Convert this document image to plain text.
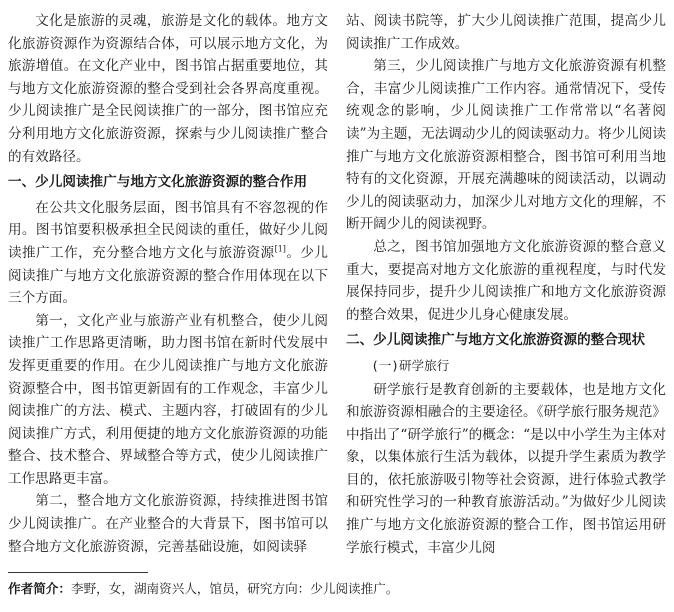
文化是旅游的灵魂，旅游是文化的载体。地方文化旅游资源作为资源结合体，可以展示地方文化，为旅游增值。在文化产业中，图书馆占据重要地位，其与地方文化旅游资源的整合受到社会各界高度重视。少儿阅读推广是全民阅读推广的一部分，图书馆应充分利用地方文化旅游资源，探索与少儿阅读推广整合的有效路径。

一、少儿阅读推广与地方文化旅游资源的整合作用

在公共文化服务层面，图书馆具有不容忽视的作用。图书馆要积极承担全民阅读的重任，做好少儿阅读推广工作，充分整合地方文化与旅游资源[1]。少儿阅读推广与地方文化旅游资源的整合作用体现在以下三个方面。

第一，文化产业与旅游产业有机整合，使少儿阅读推广工作思路更清晰，助力图书馆在新时代发展中发挥更重要的作用。在少儿阅读推广与地方文化旅游资源整合中，图书馆更新固有的工作观念，丰富少儿阅读推广的方法、模式、主题内容，打破固有的少儿阅读推广方式，利用便捷的地方文化旅游资源的功能整合、技术整合、界域整合等方式，使少儿阅读推广工作思路更丰富。

第二，整合地方文化旅游资源，持续推进图书馆少儿阅读推广。在产业整合的大背景下，图书馆可以整合地方文化旅游资源，完善基础设施，如阅读驿

站、阅读书院等，扩大少儿阅读推广范围，提高少儿阅读推广工作成效。

第三，少儿阅读推广与地方文化旅游资源有机整合，丰富少儿阅读推广工作内容。通常情况下，受传统观念的影响，少儿阅读推广工作常常以“名著阅读”为主题，无法调动少儿的阅读驱动力。将少儿阅读推广与地方文化旅游资源相整合，图书馆可利用当地特有的文化资源，开展充满趣味的阅读活动，以调动少儿的阅读驱动力，加深少儿对地方文化的理解，不断开阔少儿的阅读视野。

总之，图书馆加强地方文化旅游资源的整合意义重大，要提高对地方文化旅游的重视程度，与时代发展保持同步，提升少儿阅读推广和地方文化旅游资源的整合效果，促进少儿身心健康发展。

二、少儿阅读推广与地方文化旅游资源的整合现状
(一)研学旅行

研学旅行是教育创新的主要载体，也是地方文化和旅游资源相融合的主要途径。《研学旅行服务规范》中指出了“研学旅行”的概念：“是以中小学生为主体对象，以集体旅行生活为载体，以提升学生素质为教学目的，依托旅游吸引物等社会资源，进行体验式教学和研究性学习的一种教育旅游活动。”为做好少儿阅读推广与地方文化旅游资源的整合工作，图书馆运用研学旅行模式，丰富少儿阅

作者简介：李野，女，湖南资兴人，馆员，研究方向：少儿阅读推广。
